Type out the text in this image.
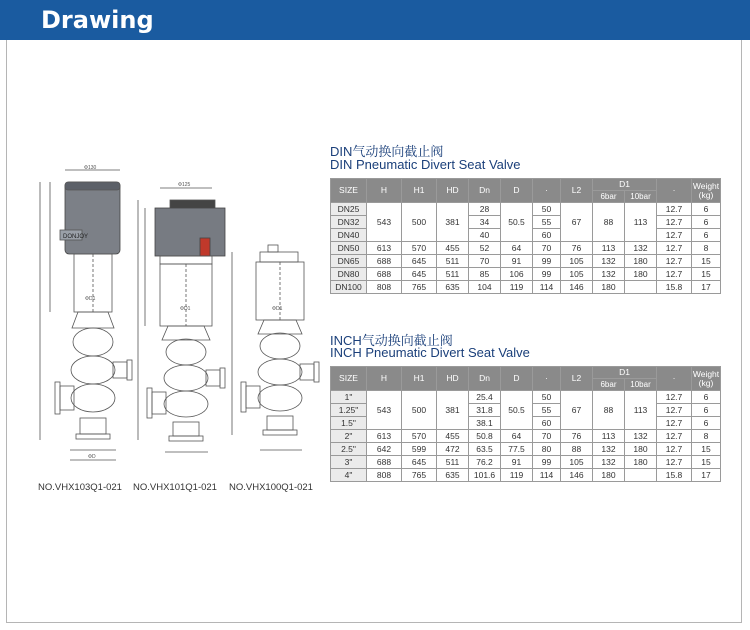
Drawing
DONJOY
Φ130
ΦD1
ΦD
Φ125
ΦD1	ΦD1
NO.VHX103Q1-021 NO.VHX101Q1-021 NO.VHX100Q1-021
DIN气动换向截止阀
DIN Pneumatic Divert Seat Valve
SIZE	H	H1	HD	Dn	D	·	L2	D1		·	Weight (kg)
								6bar	10bar		
DN25	543	500	381	28	50.5	50	67	88	113	12.7	6
DN32				34		55				12.7	6
DN40				40		60				12.7	6
DN50	613	570	455	52	64	70	76	113	132	12.7	8
DN65	688	645	511	70	91	99	105	132	180	12.7	15
DN80	688	645	511	85	106	99	105	132	180	12.7	15
DN100	808	765	635	104	119	114	146	180		15.8	17
INCH气动换向截止阀
INCH Pneumatic Divert Seat Valve
SIZE	H	H1	HD	Dn	D	·	L2	D1		·	Weight (kg)
								6bar	10bar		
1"	543	500	381	25.4	50.5	50	67	88	113	12.7	6
1.25"				31.8		55				12.7	6
1.5"				38.1		60				12.7	6
2"	613	570	455	50.8	64	70	76	113	132	12.7	8
2.5"	642	599	472	63.5	77.5	80	88	132	180	12.7	15
3"	688	645	511	76.2	91	99	105	132	180	12.7	15
4"	808	765	635	101.6	119	114	146	180		15.8	17
